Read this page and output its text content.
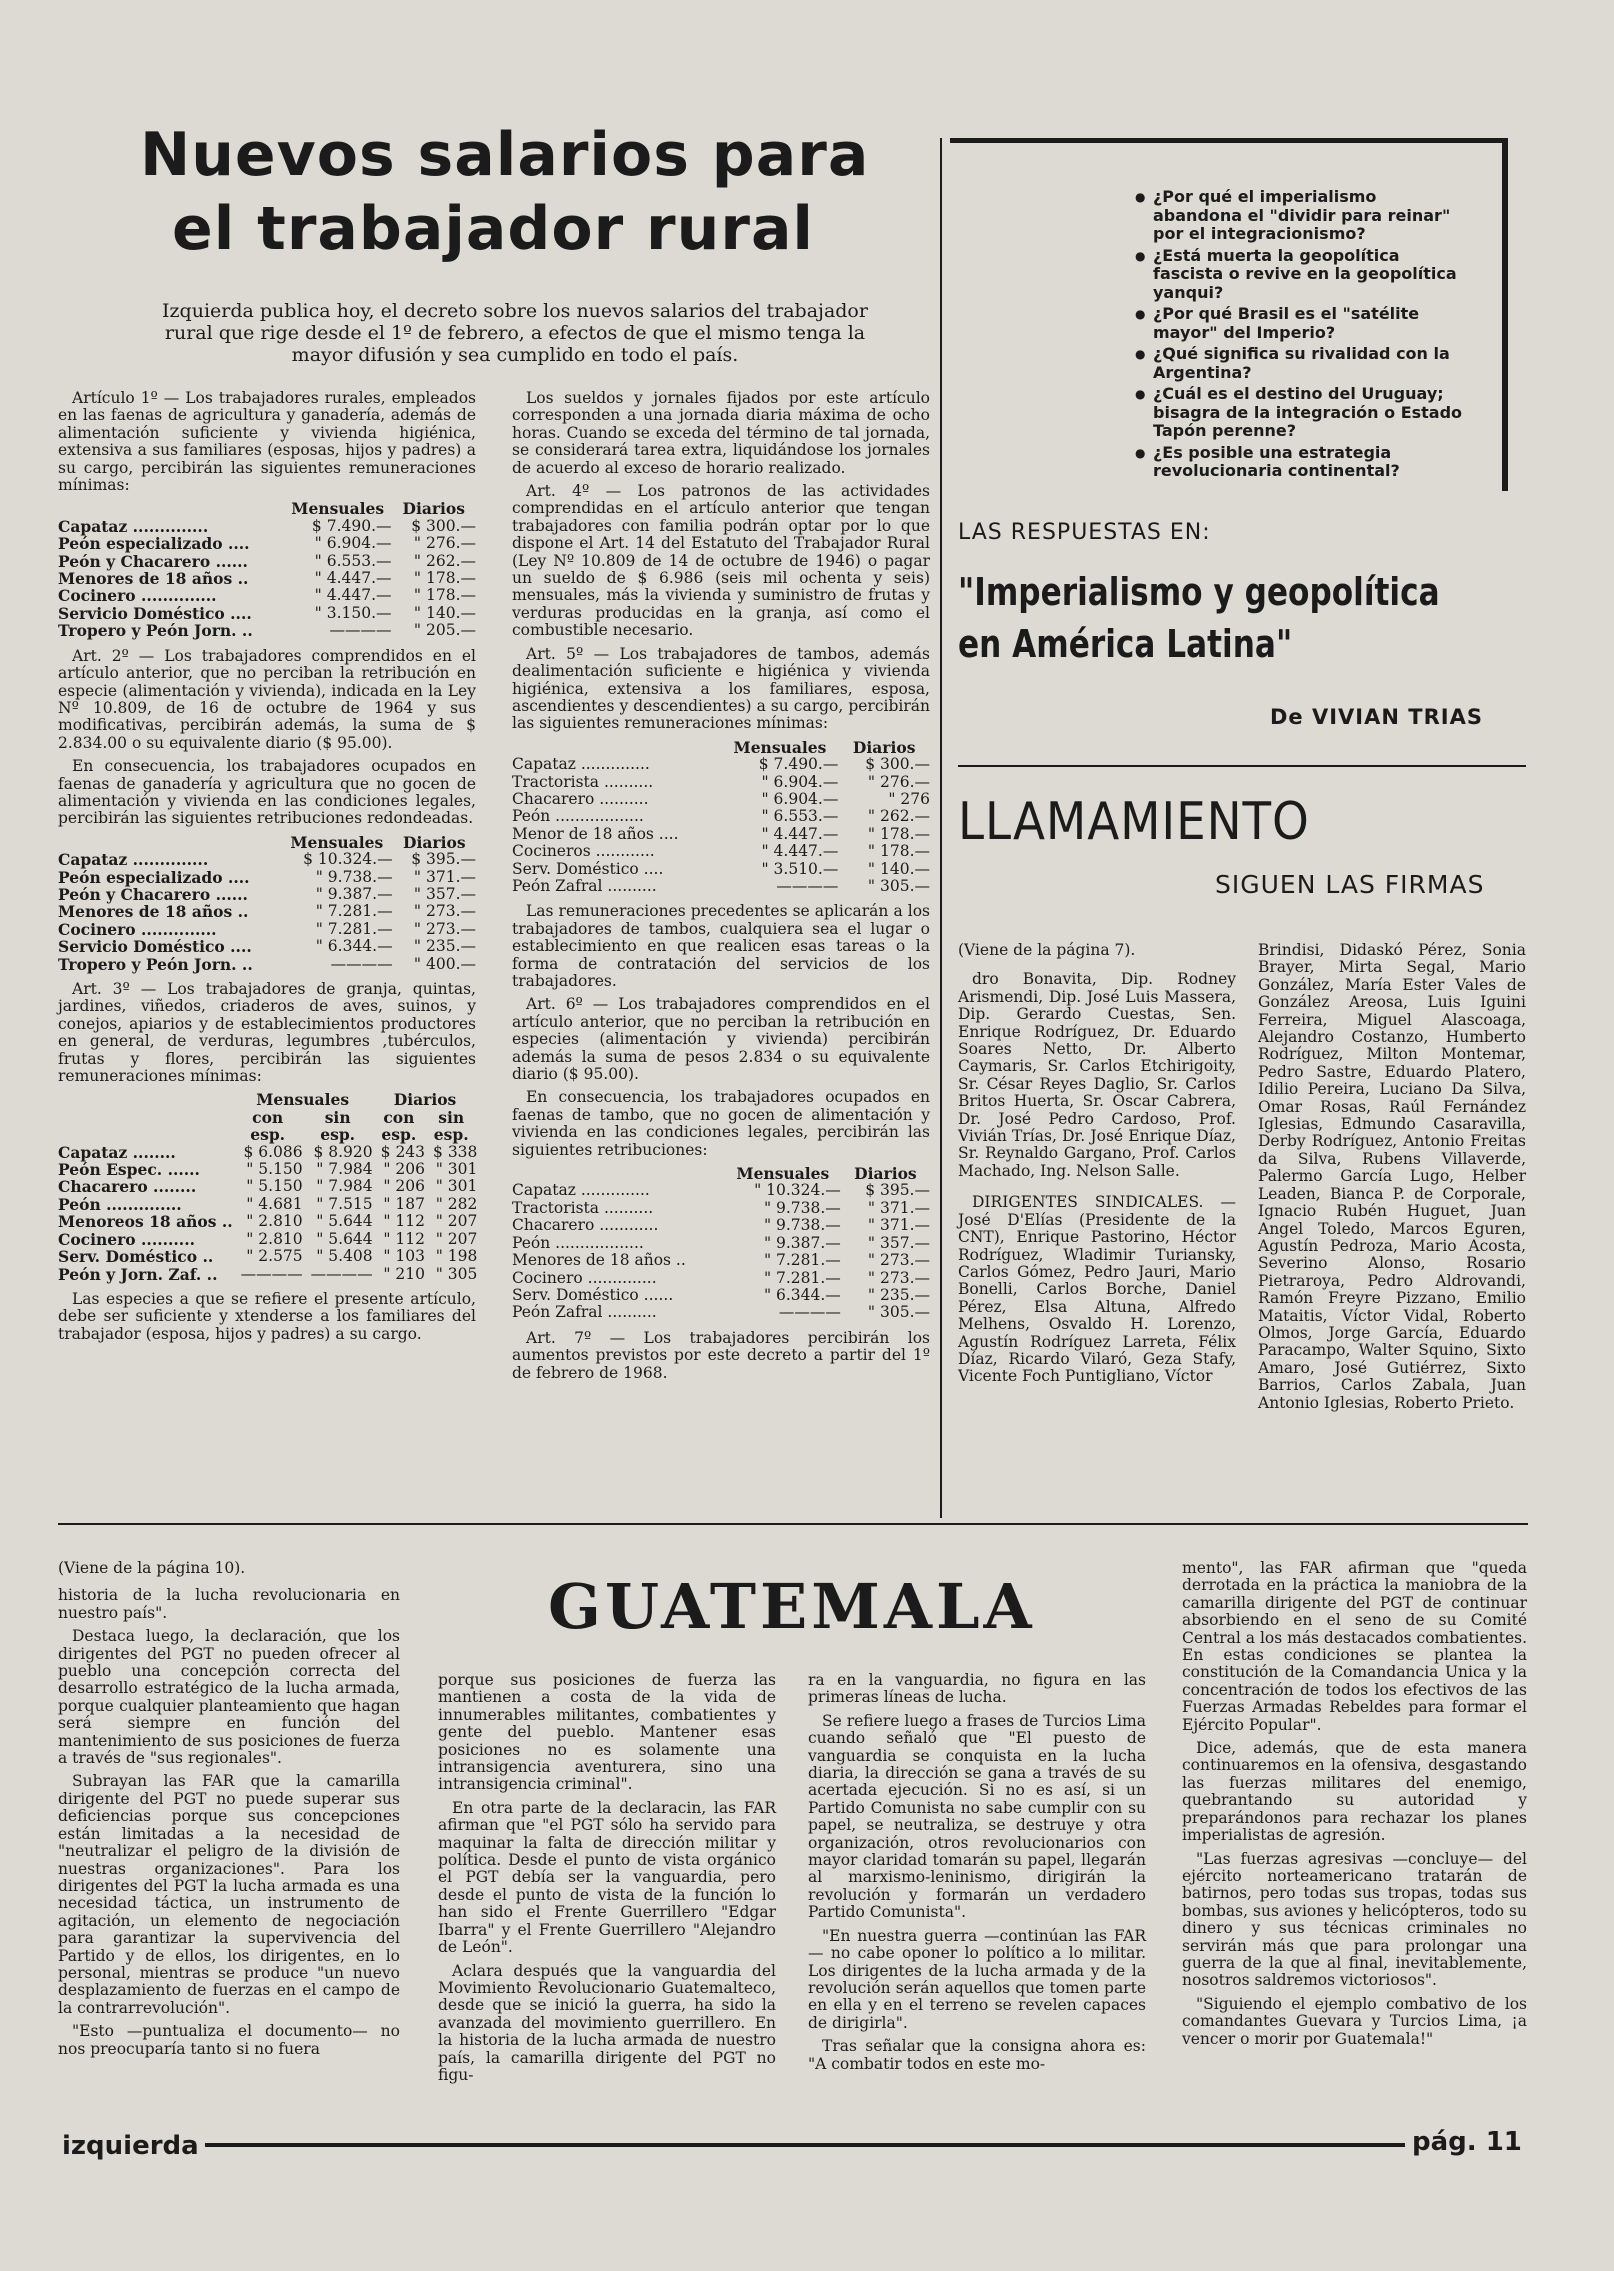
Nuevos salarios para
el trabajador rural

Izquierda publica hoy, el decreto sobre los nuevos salarios del trabajador rural que rige desde el 1º de febrero, a efectos de que el mismo tenga la mayor difusión y sea cumplido en todo el país.

Artículo 1º — Los trabajadores rurales, empleados en las faenas de agricultura y ganadería, además de alimentación suficiente y vivienda higiénica, extensiva a sus familiares (esposas, hijos y padres) a su cargo, percibirán las siguientes remuneraciones mínimas:

	Mensuales	Diarios
Capataz ..............	$ 7.490.—	$ 300.—
Peón especializado ....	" 6.904.—	" 276.—
Peón y Chacarero ......	" 6.553.—	" 262.—
Menores de 18 años ..	" 4.447.—	" 178.—
Cocinero ..............	" 4.447.—	" 178.—
Servicio Doméstico ....	" 3.150.—	" 140.—
Tropero y Peón Jorn. ..	————	" 205.—

Art. 2º — Los trabajadores comprendidos en el artículo anterior, que no perciban la retribución en especie (alimentación y vivienda), indicada en la Ley Nº 10.809, de 16 de octubre de 1964 y sus modificativas, percibirán además, la suma de $ 2.834.00 o su equivalente diario ($ 95.00).

En consecuencia, los trabajadores ocupados en faenas de ganadería y agricultura que no gocen de alimentación y vivienda en las condiciones legales, percibirán las siguientes retribuciones redondeadas.

	Mensuales	Diarios
Capataz ..............	$ 10.324.—	$ 395.—
Peón especializado ....	" 9.738.—	" 371.—
Peón y Chacarero ......	" 9.387.—	" 357.—
Menores de 18 años ..	" 7.281.—	" 273.—
Cocinero ..............	" 7.281.—	" 273.—
Servicio Doméstico ....	" 6.344.—	" 235.—
Tropero y Peón Jorn. ..	————	" 400.—

Art. 3º — Los trabajadores de granja, quintas, jardines, viñedos, criaderos de aves, suinos, y conejos, apiarios y de establecimientos productores en general, de verduras, legumbres ,tubérculos, frutas y flores, percibirán las siguientes remuneraciones mínimas:

	Mensuales		Diarios	
	con	sin	con	sin
	esp.	esp.	esp.	esp.
Capataz ........	$ 6.086	$ 8.920	$ 243	$ 338
Peón Espec. ......	" 5.150	" 7.984	" 206	" 301
Chacarero ........	" 5.150	" 7.984	" 206	" 301
Peón ..............	" 4.681	" 7.515	" 187	" 282
Menoreos 18 años ..	" 2.810	" 5.644	" 112	" 207
Cocinero ..........	" 2.810	" 5.644	" 112	" 207
Serv. Doméstico ..	" 2.575	" 5.408	" 103	" 198
Peón y Jorn. Zaf. ..	————	————	" 210	" 305

Las especies a que se refiere el presente artículo, debe ser suficiente y xtenderse a los familiares del trabajador (esposa, hijos y padres) a su cargo.

Los sueldos y jornales fijados por este artículo corresponden a una jornada diaria máxima de ocho horas. Cuando se exceda del término de tal jornada, se considerará tarea extra, liquidándose los jornales de acuerdo al exceso de horario realizado.

Art. 4º — Los patronos de las actividades comprendidas en el artículo anterior que tengan trabajadores con familia podrán optar por lo que dispone el Art. 14 del Estatuto del Trabajador Rural (Ley Nº 10.809 de 14 de octubre de 1946) o pagar un sueldo de $ 6.986 (seis mil ochenta y seis) mensuales, más la vivienda y suministro de frutas y verduras producidas en la granja, así como el combustible necesario.

Art. 5º — Los trabajadores de tambos, además dealimentación suficiente e higiénica y vivienda higiénica, extensiva a los familiares, esposa, ascendientes y descendientes) a su cargo, percibirán las siguientes remuneraciones mínimas:

	Mensuales	Diarios
Capataz ..............	$ 7.490.—	$ 300.—
Tractorista ..........	" 6.904.—	" 276.—
Chacarero ..........	" 6.904.—	" 276
Peón ..................	" 6.553.—	" 262.—
Menor de 18 años ....	" 4.447.—	" 178.—
Cocineros ............	" 4.447.—	" 178.—
Serv. Doméstico ....	" 3.510.—	" 140.—
Peón Zafral ..........	————	" 305.—

Las remuneraciones precedentes se aplicarán a los trabajadores de tambos, cualquiera sea el lugar o establecimiento en que realicen esas tareas o la forma de contratación del servicios de los trabajadores.

Art. 6º — Los trabajadores comprendidos en el artículo anterior, que no perciban la retribución en especies (alimentación y vivienda) percibirán además la suma de pesos 2.834 o su equivalente diario ($ 95.00).

En consecuencia, los trabajadores ocupados en faenas de tambo, que no gocen de alimentación y vivienda en las condiciones legales, percibirán las siguientes retribuciones:

	Mensuales	Diarios
Capataz ..............	" 10.324.—	$ 395.—
Tractorista ..........	" 9.738.—	" 371.—
Chacarero ............	" 9.738.—	" 371.—
Peón ..................	" 9.387.—	" 357.—
Menores de 18 años ..	" 7.281.—	" 273.—
Cocinero ..............	" 7.281.—	" 273.—
Serv. Doméstico ......	" 6.344.—	" 235.—
Peón Zafral ..........	————	" 305.—

Art. 7º — Los trabajadores percibirán los aumentos previstos por este decreto a partir del 1º de febrero de 1968.

● ¿Por qué el imperialismo abandona el "dividir para reinar" por el integracionismo?
● ¿Está muerta la geopolítica fascista o revive en la geopolítica yanqui?
● ¿Por qué Brasil es el "satélite mayor" del Imperio?
● ¿Qué significa su rivalidad con la Argentina?
● ¿Cuál es el destino del Uruguay; bisagra de la integración o Estado Tapón perenne?
● ¿Es posible una estrategia revolucionaria continental?
LAS RESPUESTAS EN:
"Imperialismo y geopolítica
en América Latina"
De VIVIAN TRIAS
LLAMAMIENTO
SIGUEN LAS FIRMAS

(Viene de la página 7).

dro Bonavita, Dip. Rodney Arismendi, Dip. José Luis Massera, Dip. Gerardo Cuestas, Sen. Enrique Rodríguez, Dr. Eduardo Soares Netto, Dr. Alberto Caymaris, Sr. Carlos Etchirigoity, Sr. César Reyes Daglio, Sr. Carlos Britos Huerta, Sr. Oscar Cabrera, Dr. José Pedro Cardoso, Prof. Vivián Trías, Dr. José Enrique Díaz, Sr. Reynaldo Gargano, Prof. Carlos Machado, Ing. Nelson Salle.

DIRIGENTES SINDICALES. — José D'Elías (Presidente de la CNT), Enrique Pastorino, Héctor Rodríguez, Wladimir Turiansky, Carlos Gómez, Pedro Jauri, Mario Bonelli, Carlos Borche, Daniel Pérez, Elsa Altuna, Alfredo Melhens, Osvaldo H. Lorenzo, Agustín Rodríguez Larreta, Félix Díaz, Ricardo Vilaró, Geza Stafy, Vicente Foch Puntigliano, Víctor

Brindisi, Didaskó Pérez, Sonia Brayer, Mirta Segal, Mario González, María Ester Vales de González Areosa, Luis Iguini Ferreira, Miguel Alascoaga, Alejandro Costanzo, Humberto Rodríguez, Milton Montemar, Pedro Sastre, Eduardo Platero, Idilio Pereira, Luciano Da Silva, Omar Rosas, Raúl Fernández Iglesias, Edmundo Casaravilla, Derby Rodríguez, Antonio Freitas da Silva, Rubens Villaverde, Palermo García Lugo, Helber Leaden, Bianca P. de Corporale, Ignacio Rubén Huguet, Juan Angel Toledo, Marcos Eguren, Agustín Pedroza, Mario Acosta, Severino Alonso, Rosario Pietraroya, Pedro Aldrovandi, Ramón Freyre Pizzano, Emilio Mataitis, Víctor Vidal, Roberto Olmos, Jorge García, Eduardo Paracampo, Walter Squino, Sixto Amaro, José Gutiérrez, Sixto Barrios, Carlos Zabala, Juan Antonio Iglesias, Roberto Prieto.

GUATEMALA

(Viene de la página 10).

historia de la lucha revolucionaria en nuestro país".

Destaca luego, la declaración, que los dirigentes del PGT no pueden ofrecer al pueblo una concepción correcta del desarrollo estratégico de la lucha armada, porque cualquier planteamiento que hagan será siempre en función del mantenimiento de sus posiciones de fuerza a través de "sus regionales".

Subrayan las FAR que la camarilla dirigente del PGT no puede superar sus deficiencias porque sus concepciones están limitadas a la necesidad de "neutralizar el peligro de la división de nuestras organizaciones". Para los dirigentes del PGT la lucha armada es una necesidad táctica, un instrumento de agitación, un elemento de negociación para garantizar la supervivencia del Partido y de ellos, los dirigentes, en lo personal, mientras se produce "un nuevo desplazamiento de fuerzas en el campo de la contrarrevolución".

"Esto —puntualiza el documento— no nos preocuparía tanto si no fuera

porque sus posiciones de fuerza las mantienen a costa de la vida de innumerables militantes, combatientes y gente del pueblo. Mantener esas posiciones no es solamente una intransigencia aventurera, sino una intransigencia criminal".

En otra parte de la declaracin, las FAR afirman que "el PGT sólo ha servido para maquinar la falta de dirección militar y política. Desde el punto de vista orgánico el PGT debía ser la vanguardia, pero desde el punto de vista de la función lo han sido el Frente Guerrillero "Edgar Ibarra" y el Frente Guerrillero "Alejandro de León".

Aclara después que la vanguardia del Movimiento Revolucionario Guatemalteco, desde que se inició la guerra, ha sido la avanzada del movimiento guerrillero. En la historia de la lucha armada de nuestro país, la camarilla dirigente del PGT no figu-

ra en la vanguardia, no figura en las primeras líneas de lucha.

Se refiere luego a frases de Turcios Lima cuando señaló que "El puesto de vanguardia se conquista en la lucha diaria, la dirección se gana a través de su acertada ejecución. Si no es así, si un Partido Comunista no sabe cumplir con su papel, se neutraliza, se destruye y otra organización, otros revolucionarios con mayor claridad tomarán su papel, llegarán al marxismo-leninismo, dirigirán la revolución y formarán un verdadero Partido Comunista".

"En nuestra guerra —continúan las FAR— no cabe oponer lo político a lo militar. Los dirigentes de la lucha armada y de la revolución serán aquellos que tomen parte en ella y en el terreno se revelen capaces de dirigirla".

Tras señalar que la consigna ahora es: "A combatir todos en este mo-

mento", las FAR afirman que "queda derrotada en la práctica la maniobra de la camarilla dirigente del PGT de continuar absorbiendo en el seno de su Comité Central a los más destacados combatientes. En estas condiciones se plantea la constitución de la Comandancia Unica y la concentración de todos los efectivos de las Fuerzas Armadas Rebeldes para formar el Ejército Popular".

Dice, además, que de esta manera continuaremos en la ofensiva, desgastando las fuerzas militares del enemigo, quebrantando su autoridad y preparándonos para rechazar los planes imperialistas de agresión.

"Las fuerzas agresivas —concluye— del ejército norteamericano tratarán de batirnos, pero todas sus tropas, todas sus bombas, sus aviones y helicópteros, todo su dinero y sus técnicas criminales no servirán más que para prolongar una guerra de la que al final, inevitablemente, nosotros saldremos victoriosos".

"Siguiendo el ejemplo combativo de los comandantes Guevara y Turcios Lima, ¡a vencer o morir por Guatemala!"

izquierda	pág. 11
